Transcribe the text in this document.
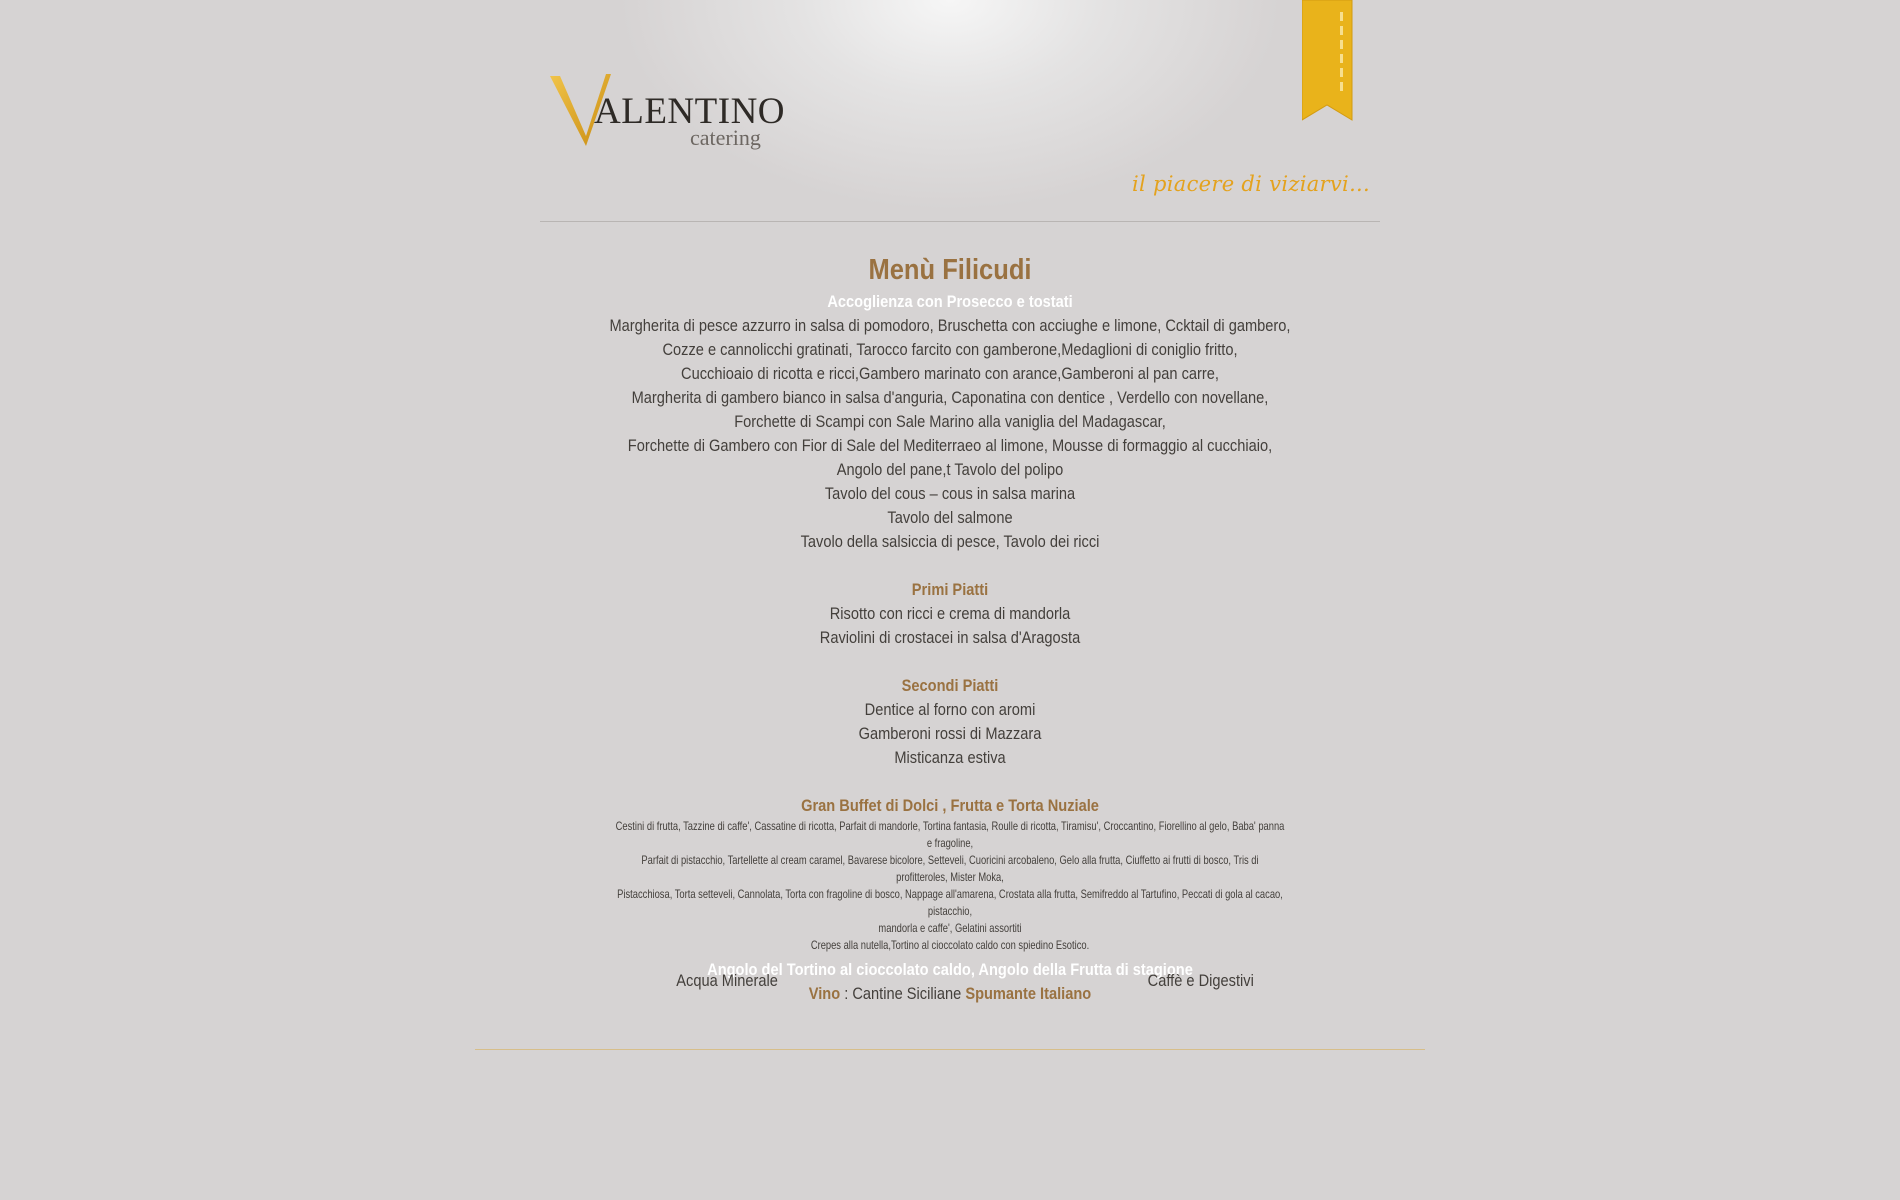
ALENTINO
catering
il piacere di viziarvi...
Menù Filicudi
Accoglienza con Prosecco e tostati
Margherita di pesce azzurro in salsa di pomodoro, Bruschetta con acciughe e limone, Ccktail di gambero,
Cozze e cannolicchi gratinati, Tarocco farcito con gamberone,Medaglioni di coniglio fritto,
Cucchioaio di ricotta e ricci,Gambero marinato con arance,Gamberoni al pan carre,
Margherita di gambero bianco in salsa d'anguria, Caponatina con dentice , Verdello con novellane,
Forchette di Scampi con Sale Marino alla vaniglia del Madagascar,
Forchette di Gambero con Fior di Sale del Mediterraeo al limone, Mousse di formaggio al cucchiaio,
Angolo del pane,t Tavolo del polipo
Tavolo del cous – cous in salsa marina
Tavolo del salmone
Tavolo della salsiccia di pesce, Tavolo dei ricci
Primi Piatti
Risotto con ricci e crema di mandorla
Raviolini di crostacei in salsa d'Aragosta
Secondi Piatti
Dentice al forno con aromi
Gamberoni rossi di Mazzara
Misticanza estiva
Gran Buffet di Dolci , Frutta e Torta Nuziale
Cestini di frutta, Tazzine di caffe', Cassatine di ricotta, Parfait di mandorle, Tortina fantasia, Roulle di ricotta, Tiramisu', Croccantino, Fiorellino al gelo, Baba' panna e fragoline,
Parfait di pistacchio, Tartellette al cream caramel, Bavarese bicolore, Setteveli, Cuoricini arcobaleno, Gelo alla frutta, Ciuffetto ai frutti di bosco, Tris di profitteroles, Mister Moka,
Pistacchiosa, Torta setteveli, Cannolata, Torta con fragoline di bosco, Nappage all'amarena, Crostata alla frutta, Semifreddo al Tartufino, Peccati di gola al cacao, pistacchio,
mandorla e caffe', Gelatini assortiti
Crepes alla nutella,Tortino al cioccolato caldo con spiedino Esotico.
Angolo del Tortino al cioccolato caldo, Angolo della Frutta di stagione
Vino : Cantine Siciliane Spumante Italiano
Acqua Minerale	Caffè e Digestivi
